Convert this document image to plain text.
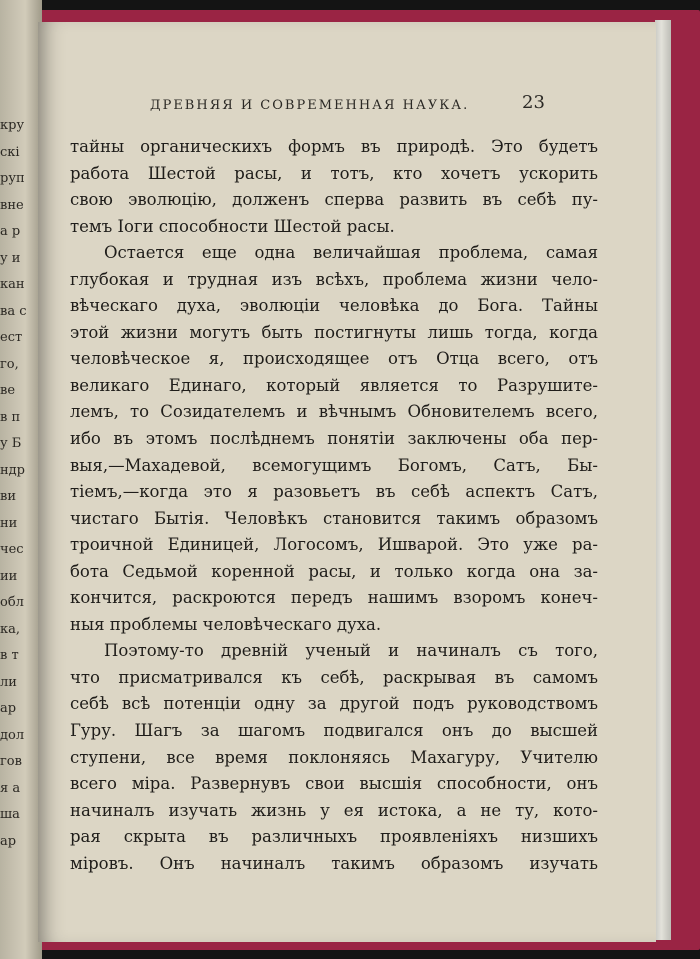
кру
скі
руп
вне
а р
у и
кан
ва с
ест
го,
ве
в п
у Б
ндр
ви
ни
чес
ии
обл
ка,
в т
ли
ар
дол
гов
я а
ша
ар
ДРЕВНЯЯ И СОВРЕМЕННАЯ НАУКА.	23
тайны органическихъ формъ въ природѣ. Это будетъ
работа Шестой расы, и тотъ, кто хочетъ ускорить
свою эволюцію, долженъ сперва развить въ себѣ пу-
темъ Іоги способности Шестой расы.
Остается еще одна величайшая проблема, самая
глубокая и трудная изъ всѣхъ, проблема жизни чело-
вѣческаго духа, эволюціи человѣка до Бога. Тайны
этой жизни могутъ быть постигнуты лишь тогда, когда
человѣческое я, происходящее отъ Отца всего, отъ
великаго Единаго, который является то Разрушите-
лемъ, то Созидателемъ и вѣчнымъ Обновителемъ всего,
ибо въ этомъ послѣднемъ понятіи заключены оба пер-
выя,—Махадевой, всемогущимъ Богомъ, Сатъ, Бы-
тіемъ,—когда это я разовьетъ въ себѣ аспектъ Сатъ,
чистаго Бытія. Человѣкъ становится такимъ образомъ
троичной Единицей, Логосомъ, Ишварой. Это уже ра-
бота Седьмой коренной расы, и только когда она за-
кончится, раскроются передъ нашимъ взоромъ конеч-
ныя проблемы человѣческаго духа.
Поэтому-то древній ученый и начиналъ съ того,
что присматривался къ себѣ, раскрывая въ самомъ
себѣ всѣ потенціи одну за другой подъ руководствомъ
Гуру. Шагъ за шагомъ подвигался онъ до высшей
ступени, все время поклоняясь Махагуру, Учителю
всего міра. Развернувъ свои высшія способности, онъ
начиналъ изучать жизнь у ея истока, а не ту, кото-
рая скрыта въ различныхъ проявленіяхъ низшихъ
міровъ. Онъ начиналъ такимъ образомъ изучать
